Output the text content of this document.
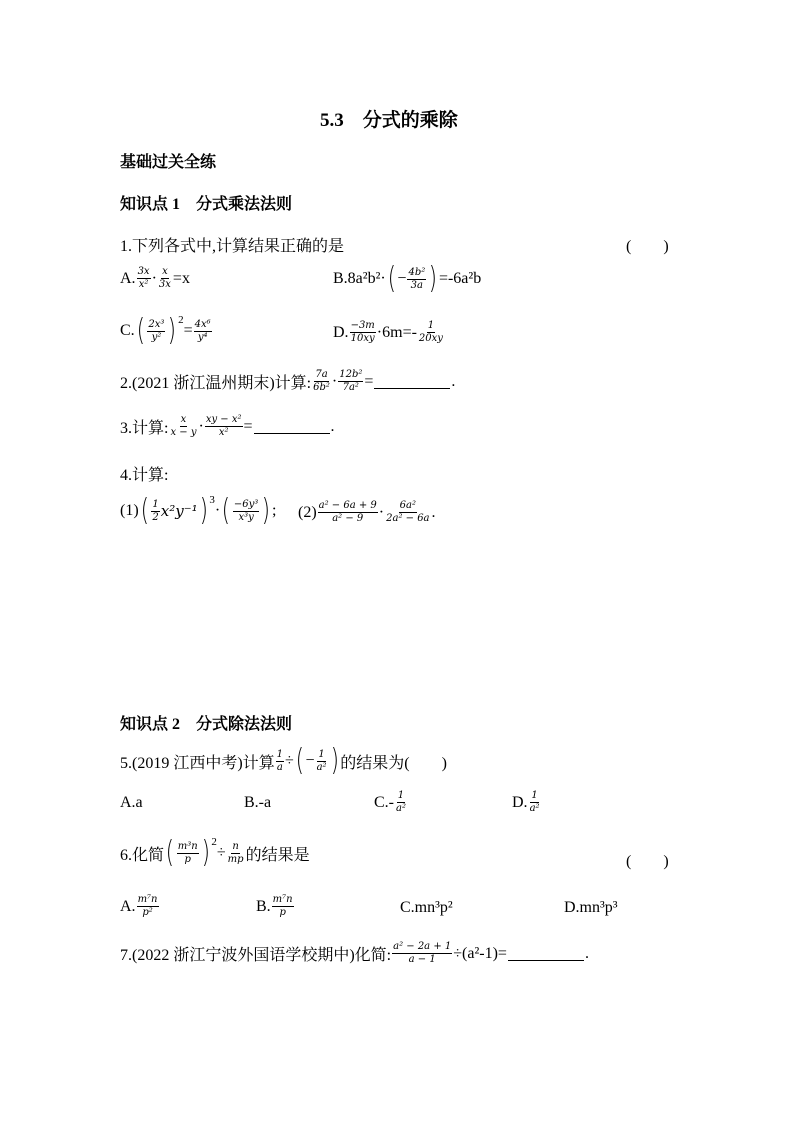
5.3　分式的乘除
基础过关全练
知识点 1　分式乘法法则
1.下列各式中,计算结果正确的是	(　　)
A. $\frac{3x}{\text{x²}} \cdot \frac{x}{3x} =x$	B.8a²b²· ( − $\frac{\text{4b²}}{3a}$ ) =-6a²b
C. ( $\frac{\text{2x³}}{\text{y²}}$ ) 2
= $\frac{\text{4x⁶}}{\text{y⁴}}$	D. $\frac{-3m}{10xy} \cdot 6m=- \frac{1}{20xy}$
2.(2021 浙江温州期末)计算: $\frac{7a}{\text{6b²}} \cdot \frac{\text{12b²}}{\text{7a²}}$ =	.
3.计算: $\frac{x}{x - y} \cdot \frac{\text{xy − x²}}{\text{x²}}$ =	.
4.计算:
(1) ( $\frac{1}{2} x^2y^{-1}$ ) 3
· ( $\frac{\text{−6y³}}{\text{x³y}}$ ) ; $(2) \frac{\text{a² − 6a + 9}}{\text{a² − 9}} \cdot \frac{\text{6a²}}{\text{2a² − 6a}}$ .
知识点 2　分式除法法则
5.(2019 江西中考)计算 $\frac{1}{a}$ ÷ ( − $\frac{1}{\text{a²}}$ ) 的结果为(　　)
A.a	B.-a	$C.- \frac{1}{\text{a²}}$	D. $\frac{1}{\text{a²}}$
6.化简 ( $\frac{\text{m³n}}{p}$ ) 2
÷ $\frac{n}{mp}$ 的结果是	(　　)
A. $\frac{\text{m⁷n}}{\text{p²}}$	B. $\frac{\text{m⁷n}}{p}$	C.mn³p²	D.mn³p³
7.(2022 浙江宁波外国语学校期中)化简: $\frac{\text{a² − 2a + 1}}{a - 1} \div(a^2-1)=$	.
